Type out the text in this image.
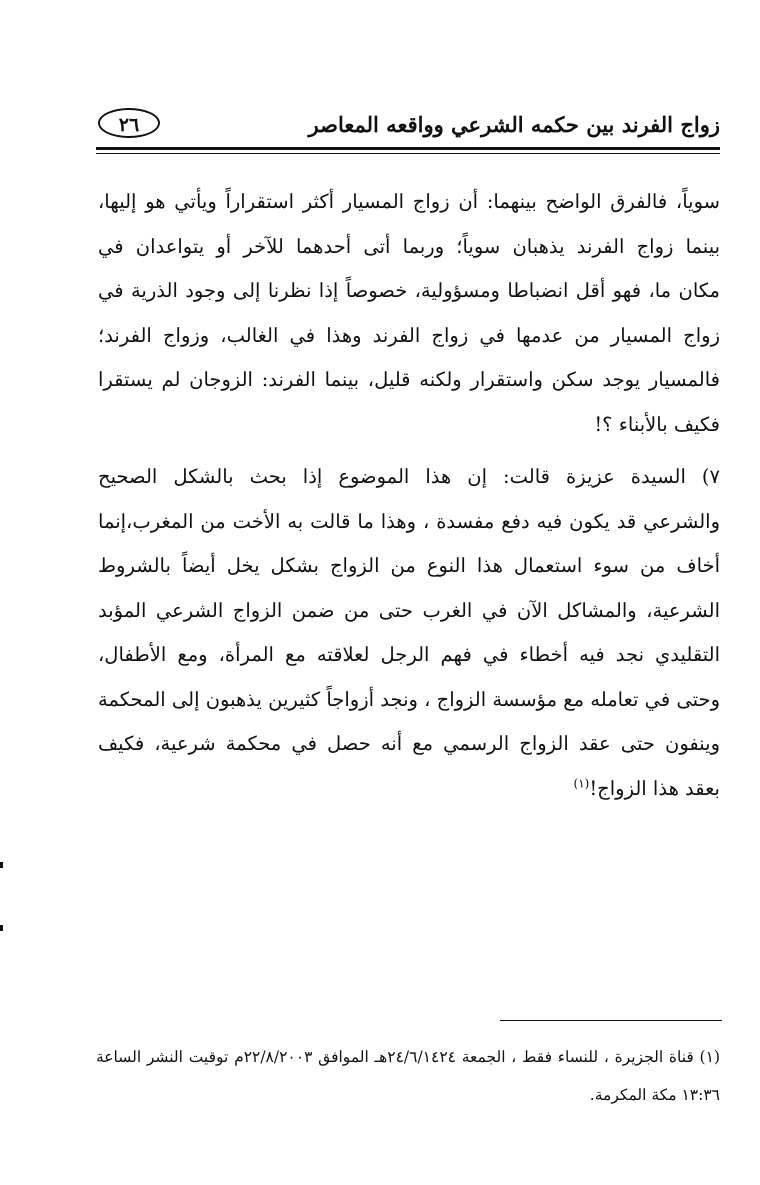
زواج الفرند بين حكمه الشرعي وواقعه المعاصر
٢٦

سوياً، فالفرق الواضح بينهما: أن زواج المسيار أكثر استقراراً ويأتي هو إليها،
بينما زواج الفرند يذهبان سوياً؛ وربما أتى أحدهما للآخر أو يتواعدان في
مكان ما، فهو أقل انضباطا ومسؤولية، خصوصاً إذا نظرنا إلى وجود الذرية في
زواج المسيار من عدمها في زواج الفرند وهذا في الغالب، وزواج الفرند؛
فالمسيار يوجد سكن واستقرار ولكنه قليل، بينما الفرند: الزوجان لم يستقرا
فكيف بالأبناء ؟!

٧) السيدة عزيزة قالت: إن هذا الموضوع إذا بحث بالشكل الصحيح
والشرعي قد يكون فيه دفع مفسدة ، وهذا ما قالت به الأخت من المغرب،إنما
أخاف من سوء استعمال هذا النوع من الزواج بشكل يخل أيضاً بالشروط
الشرعية، والمشاكل الآن في الغرب حتى من ضمن الزواج الشرعي المؤبد
التقليدي نجد فيه أخطاء في فهم الرجل لعلاقته مع المرأة، ومع الأطفال،
وحتى في تعامله مع مؤسسة الزواج ، ونجد أزواجاً كثيرين يذهبون إلى المحكمة
وينفون حتى عقد الزواج الرسمي مع أنه حصل في محكمة شرعية، فكيف
بعقد هذا الزواج!$^{(١)}$

(١) قناة الجزيرة ، للنساء فقط ، الجمعة ٢٤/٦/١٤٢٤هـ الموافق ٢٢/٨/٢٠٠٣م توقيت النشر الساعة
١٣:٣٦ مكة المكرمة.
